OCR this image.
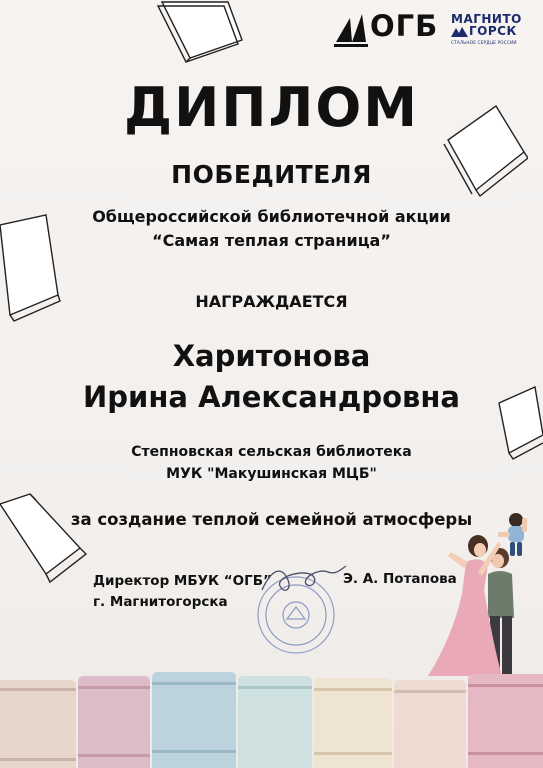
ОГБ МАГНИТО
ГОРСК
СТАЛЬНОЕ СЕРДЦЕ РОССИИ
ДИПЛОМ
ПОБЕДИТЕЛЯ
Общероссийской библиотечной акции
“Самая теплая страница”
НАГРАЖДАЕТСЯ
Харитонова
Ирина Александровна
Степновская сельская библиотека
МУК "Макушинская МЦБ"
за создание теплой семейной атмосферы
Директор МБУК “ОГБ”
г. Магнитогорска
Э. А. Потапова
